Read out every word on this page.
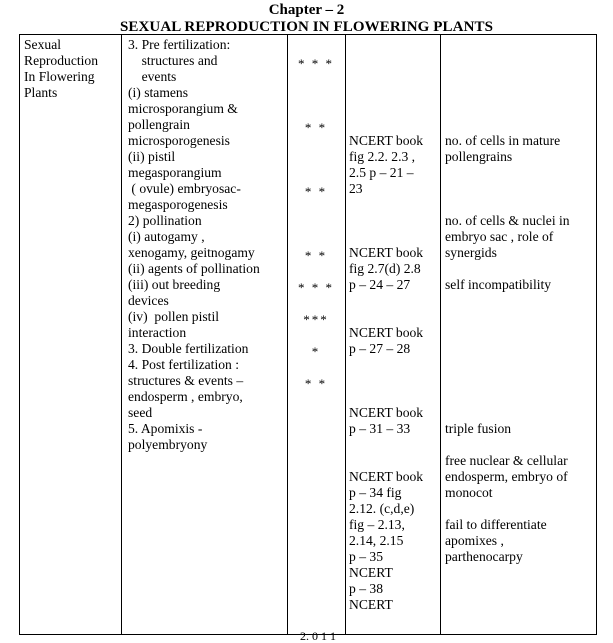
Chapter – 2
SEXUAL REPRODUCTION IN FLOWERING PLANTS
Sexual
Reproduction
In Flowering
Plants
3. Pre fertilization:
structures and
events
(i) stamens
microsporangium &
pollengrain
microsporogenesis
(ii) pistil
megasporangium
( ovule) embryosac-
megasporogenesis
2) pollination
(i) autogamy ,
xenogamy, geitnogamy
(ii) agents of pollination
(iii) out breeding
devices
(iv)  pollen pistil
interaction
3. Double fertilization
4. Post fertilization :
structures & events –
endosperm , embryo,
seed
5. Apomixis -
polyembryony
* * *
* *
* *
* *
* * *
***
*
* *
NCERT book
fig 2.2. 2.3 ,
2.5 p – 21 –
23
NCERT book
fig 2.7(d) 2.8
p – 24 – 27
NCERT book
p – 27 – 28
NCERT book
p – 31 – 33
NCERT book
p – 34 fig
2.12. (c,d,e)
fig – 2.13,
2.14, 2.15
p – 35
NCERT
p – 38
NCERT
no. of cells in mature
pollengrains
no. of cells & nuclei in
embryo sac , role of
synergids
self incompatibility
triple fusion
free nuclear & cellular
endosperm, embryo of
monocot
fail to differentiate
apomixes ,
parthenocarpy
2. 0 1 1
